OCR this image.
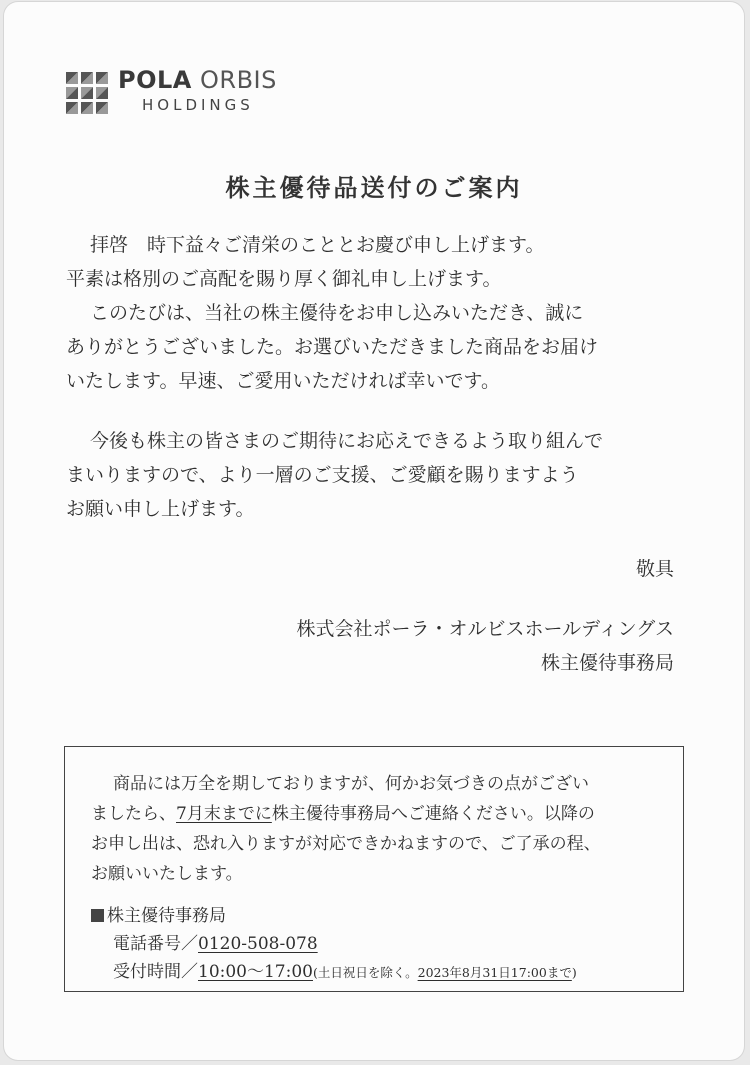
POLA ORBIS
HOLDINGS
株主優待品送付のご案内
拝啓　時下益々ご清栄のこととお慶び申し上げます。
平素は格別のご高配を賜り厚く御礼申し上げます。
このたびは、当社の株主優待をお申し込みいただき、誠に
ありがとうございました。お選びいただきました商品をお届け
いたします。早速、ご愛用いただければ幸いです。
今後も株主の皆さまのご期待にお応えできるよう取り組んで
まいりますので、より一層のご支援、ご愛顧を賜りますよう
お願い申し上げます。
敬具
株式会社ポーラ・オルビスホールディングス
株主優待事務局
商品には万全を期しておりますが、何かお気づきの点がござい
ましたら、7月末までに株主優待事務局へご連絡ください。以降の
お申し出は、恐れ入りますが対応できかねますので、ご了承の程、
お願いいたします。
株主優待事務局
電話番号／0120-508-078
受付時間／10:00～17:00(土日祝日を除く。2023年8月31日17:00まで)
